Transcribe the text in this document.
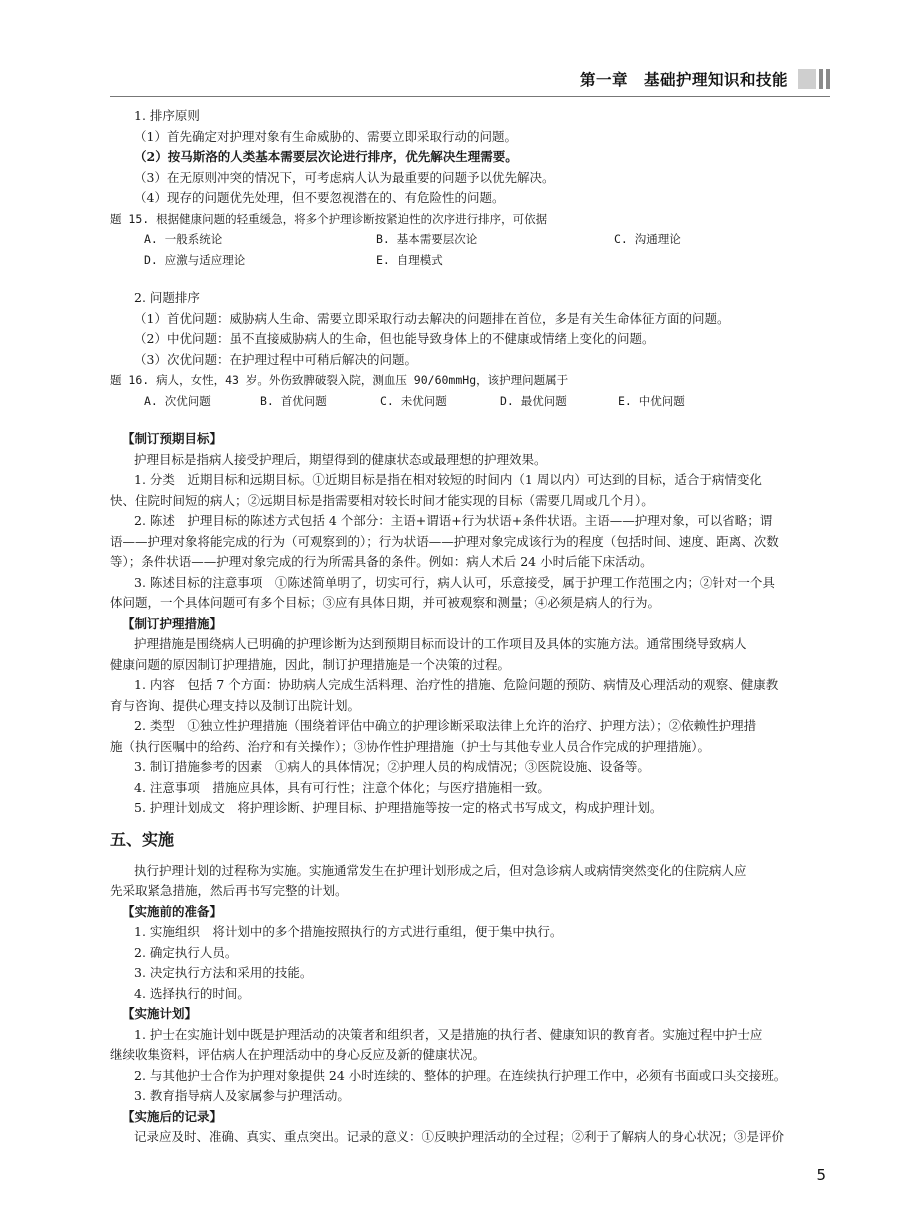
第一章　基础护理知识和技能
1. 排序原则
（1）首先确定对护理对象有生命威胁的、需要立即采取行动的问题。
（2）按马斯洛的人类基本需要层次论进行排序，优先解决生理需要。
（3）在无原则冲突的情况下，可考虑病人认为最重要的问题予以优先解决。
（4）现存的问题优先处理，但不要忽视潜在的、有危险性的问题。
题 15. 根据健康问题的轻重缓急，将多个护理诊断按紧迫性的次序进行排序，可依据
A. 一般系统论	B. 基本需要层次论	C. 沟通理论
D. 应激与适应理论	E. 自理模式
2. 问题排序
（1）首优问题：威胁病人生命、需要立即采取行动去解决的问题排在首位，多是有关生命体征方面的问题。
（2）中优问题：虽不直接威胁病人的生命，但也能导致身体上的不健康或情绪上变化的问题。
（3）次优问题：在护理过程中可稍后解决的问题。
题 16. 病人，女性，43 岁。外伤致脾破裂入院，测血压 90/60mmHg，该护理问题属于
A. 次优问题	B. 首优问题	C. 未优问题	D. 最优问题	E. 中优问题
【制订预期目标】
护理目标是指病人接受护理后，期望得到的健康状态或最理想的护理效果。
1. 分类　近期目标和远期目标。①近期目标是指在相对较短的时间内（1 周以内）可达到的目标，适合于病情变化
快、住院时间短的病人；②远期目标是指需要相对较长时间才能实现的目标（需要几周或几个月）。
2. 陈述　护理目标的陈述方式包括 4 个部分：主语+谓语+行为状语+条件状语。主语——护理对象，可以省略；谓
语——护理对象将能完成的行为（可观察到的）；行为状语——护理对象完成该行为的程度（包括时间、速度、距离、次数
等）；条件状语——护理对象完成的行为所需具备的条件。例如：病人术后 24 小时后能下床活动。
3. 陈述目标的注意事项　①陈述简单明了，切实可行，病人认可，乐意接受，属于护理工作范围之内；②针对一个具
体问题，一个具体问题可有多个目标；③应有具体日期，并可被观察和测量；④必须是病人的行为。
【制订护理措施】
护理措施是围绕病人已明确的护理诊断为达到预期目标而设计的工作项目及具体的实施方法。通常围绕导致病人
健康问题的原因制订护理措施，因此，制订护理措施是一个决策的过程。
1. 内容　包括 7 个方面：协助病人完成生活料理、治疗性的措施、危险问题的预防、病情及心理活动的观察、健康教
育与咨询、提供心理支持以及制订出院计划。
2. 类型　①独立性护理措施（围绕着评估中确立的护理诊断采取法律上允许的治疗、护理方法）；②依赖性护理措
施（执行医嘱中的给药、治疗和有关操作）；③协作性护理措施（护士与其他专业人员合作完成的护理措施）。
3. 制订措施参考的因素　①病人的具体情况；②护理人员的构成情况；③医院设施、设备等。
4. 注意事项　措施应具体，具有可行性；注意个体化；与医疗措施相一致。
5. 护理计划成文　将护理诊断、护理目标、护理措施等按一定的格式书写成文，构成护理计划。
五、实施
执行护理计划的过程称为实施。实施通常发生在护理计划形成之后，但对急诊病人或病情突然变化的住院病人应
先采取紧急措施，然后再书写完整的计划。
【实施前的准备】
1. 实施组织　将计划中的多个措施按照执行的方式进行重组，便于集中执行。
2. 确定执行人员。
3. 决定执行方法和采用的技能。
4. 选择执行的时间。
【实施计划】
1. 护士在实施计划中既是护理活动的决策者和组织者，又是措施的执行者、健康知识的教育者。实施过程中护士应
继续收集资料，评估病人在护理活动中的身心反应及新的健康状况。
2. 与其他护士合作为护理对象提供 24 小时连续的、整体的护理。在连续执行护理工作中，必须有书面或口头交接班。
3. 教育指导病人及家属参与护理活动。
【实施后的记录】
记录应及时、准确、真实、重点突出。记录的意义：①反映护理活动的全过程；②利于了解病人的身心状况；③是评价
5
